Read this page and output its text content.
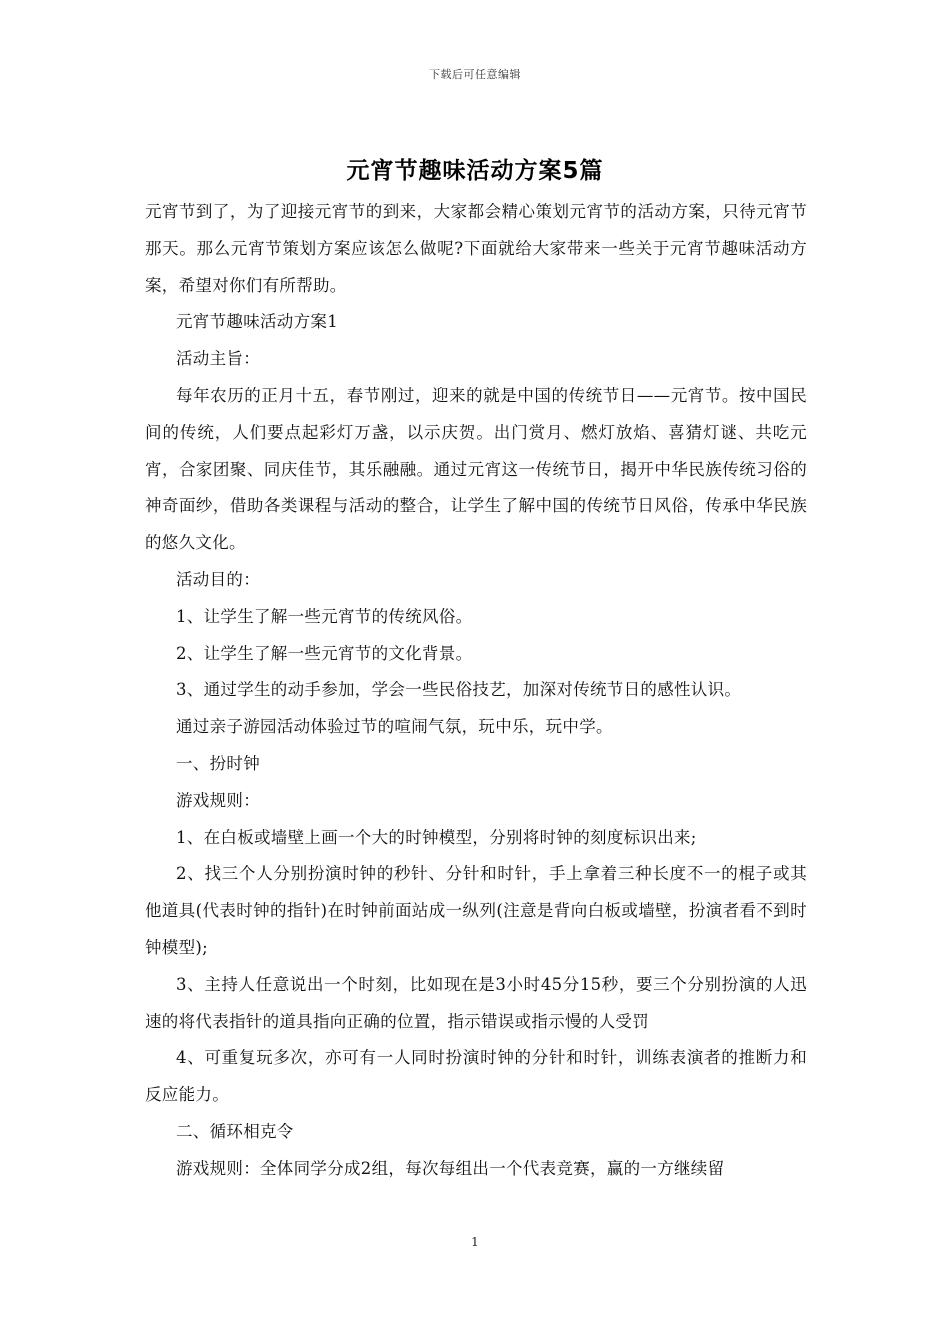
下载后可任意编辑
元宵节趣味活动方案5篇

元宵节到了，为了迎接元宵节的到来，大家都会精心策划元宵节的活动方案，只待元宵节那天。那么元宵节策划方案应该怎么做呢?下面就给大家带来一些关于元宵节趣味活动方案，希望对你们有所帮助。

元宵节趣味活动方案1

活动主旨：

每年农历的正月十五，春节刚过，迎来的就是中国的传统节日——元宵节。按中国民间的传统，人们要点起彩灯万盏，以示庆贺。出门赏月、燃灯放焰、喜猜灯谜、共吃元宵，合家团聚、同庆佳节，其乐融融。通过元宵这一传统节日，揭开中华民族传统习俗的神奇面纱，借助各类课程与活动的整合，让学生了解中国的传统节日风俗，传承中华民族的悠久文化。

活动目的：

1、让学生了解一些元宵节的传统风俗。

2、让学生了解一些元宵节的文化背景。

3、通过学生的动手参加，学会一些民俗技艺，加深对传统节日的感性认识。

通过亲子游园活动体验过节的喧闹气氛，玩中乐，玩中学。

一、扮时钟

游戏规则：

1、在白板或墙壁上画一个大的时钟模型，分别将时钟的刻度标识出来;

2、找三个人分别扮演时钟的秒针、分针和时针，手上拿着三种长度不一的棍子或其他道具(代表时钟的指针)在时钟前面站成一纵列(注意是背向白板或墙壁，扮演者看不到时钟模型);

3、主持人任意说出一个时刻，比如现在是3小时45分15秒，要三个分别扮演的人迅速的将代表指针的道具指向正确的位置，指示错误或指示慢的人受罚

4、可重复玩多次，亦可有一人同时扮演时钟的分针和时针，训练表演者的推断力和反应能力。

二、循环相克令

游戏规则：全体同学分成2组，每次每组出一个代表竞赛，赢的一方继续留

1
